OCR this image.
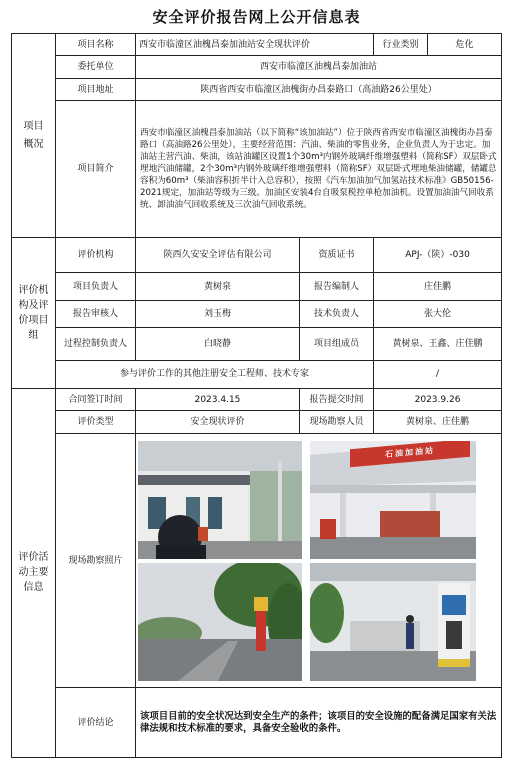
安全评价报告网上公开信息表
项目
概况	项目名称	西安市临潼区油槐昌泰加油站安全现状评价		行业类别	危化
	委托单位	西安市临潼区油槐昌泰加油站			
	项目地址	陕西省西安市临潼区油槐街办昌泰路口（高油路26公里处）			
	项目简介	西安市临潼区油槐昌泰加油站（以下简称“该加油站”）位于陕西省西安市临潼区油槐街办昌泰路口（高油路26公里处），主要经营范围：汽油、柴油的零售业务，企业负责人为于忠定。加油站主营汽油、柴油，该站油罐区设置1个30m³内钢外玻璃纤维增强塑料（简称SF）双层卧式埋地汽油储罐，2个30m³内钢外玻璃纤维增强塑料（简称SF）双层卧式埋地柴油储罐，储罐总容积为60m³（柴油容积折半计入总容积），按照《汽车加油加气加氢站技术标准》GB50156-2021规定，加油站等级为三级。加油区安装4台自吸泵税控单枪加油机。设置加油油气回收系统、卸油油气回收系统及三次油气回收系统。			
评价机
构及评
价项目
组	评价机构	陕西久安安全评估有限公司	资质证书	APJ-（陕）-030	
	项目负责人	黄树泉	报告编制人	庄佳鹏	
	报告审核人	刘玉梅	技术负责人	张大伦	
	过程控制负责人	白晓静	项目组成员	黄树泉、王鑫、庄佳鹏	
	参与评价工作的其他注册安全工程师、技术专家			/	
评价活
动主要
信息	合同签订时间	2023.4.15	报告提交时间	2023.9.26	
	评价类型	安全现状评价	现场勘察人员	黄树泉、庄佳鹏	
	现场勘察照片	石油加油站			

	评价结论	该项目目前的安全状况达到安全生产的条件；该项目的安全设施的配备满足国家有关法律法规和技术标准的要求，具备安全验收的条件。			
